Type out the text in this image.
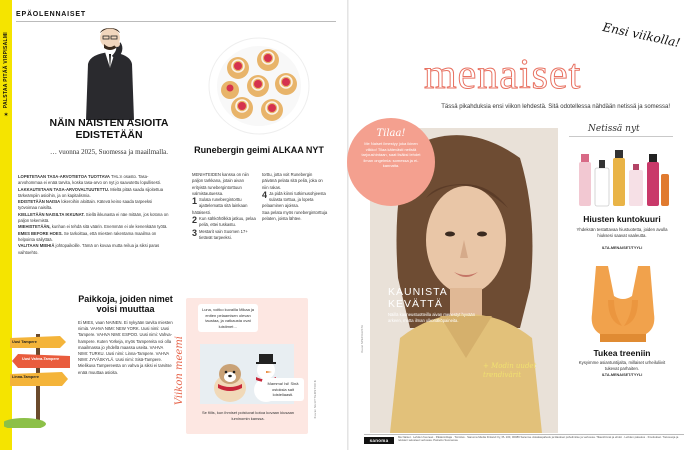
✶ PALSTAA PITÄÄ VIRPISALMI
EPÄOLENNAISET
NÄIN NAISTEN ASIOITA EDISTETÄÄN
… vuonna 2025, Suomessa ja maailmalla.

LOPETETAAN TASA-ARVOTIETOA TUOTTAVA THL:n osasto. Tasa-arvohommaa ei enää tarvita, koska tasa-arvo on nyt jo saavutettu lopullisesti.

LAKKAUTETAAN TASA-ARVOVALTUUTETTU. Mieltä pitää saada sijoitettua tärkeämpiin asioihin, ja on kapitalismia.

EDISTETÄÄN NAISIA lokeroihin aloittain. Kätevä keino saada tarpeeksi työvoimaa naisilta.

KIELLETÄÄN NAISILTA IKKUNAT. Siellä ikkunasta ei näe mitään, jos kotona on paljon tekemistä.

MIEHISTETÄÄN, kunhan ei tehdä sitä väärin. Enemmän ei ole kenenkään työtä.

EMES BEFORE HOES. Se tarkoittaa, että miesten rakentama maailma on helpointa säilyttää.

VALITAAN MIEHIÄ johtopaikoille. Tämä on kovaa mutta reilua ja siksi paras vaihtoehto.

Uusi Tampere
Uusi Vahva-Tampere
Linna-Tampere
Paikkoja, joiden nimet voisi muuttaa
Ei MIES, vaan NAINEN. Ei nykyään tarvita miesten nimiä. VAHVA NIMI: NEW YORK. Uusi nimi: Uusi Tampere. VAHVA NIMI: ESPOO. Uusi nimi: Vahva-hampere. Kuten Yorkeja, myös Tampereita voi olla maailmassa jo yhdellä maassa useita. VAHVA NIMI: TURKU. Uusi nimi: Linna-Tampere. VAHVA NIMI: JYVÄSKYLÄ. Uusi nimi: Sisä-Tampere. Mielikuva Tampereesta on vahva ja siksi ei tarvitse enää muuttaa asioita.
Runebergin geimi ALKAA NYT

MENIHTEIDEN kanssa on niin paljon tarkkana, jotain aivan erityistä runebergintorttuun valmistautuessa.

1 Sulata runebergintorttu ajattelematta sitä lainkaan hätäisesti.

2 Kun sähköhölkkä jatkuu, pelaa peliä, ettei tuskastu.

3 Mestarit vain Suomen 17+ tietävät tarpeeksi.

torttu, jotta voit Runebergin päivänä pelata sitä peliä, joka on niin rakas.

4 Ja pidä kiinni tutkimusohjeesta sulasta torttua, ja lopeta pelaaminen ajoissa.

Saa pelata myös runebergintorttuja pelaten, joista lähtee.

Viikon meemi
Luna, voitko kuvailla Mikaa ja eniten pelaamisen olevan taustaa, ja vatkausta ovat luistimet…
Mamma! Isi! Sinä ostoksia sait loisteliaasti.
Se fiilis, kun ihmiset poistuvat kotoa kovaan kiusaan luminomin kanssa.	Kuvat SHUTTERSTOCK
menaiset
Ensi viikolla!
Tässä pikahduksia ensi viikon lehdestä. Sitä odotellessa nähdään netissä ja somessa!
Kuvat SPECIALISTA
Tilaa!
Me Naiset ilmestyy joka ikinen viikko! Tilaa kätevästi netistä tarjoushintaan, saat lisäksi lehdet ilman ongelmia: somessa ja ei-kannatta.
KAUNISTA KEVÄTTÄ
Näillä kauneustuotteilla aivan menestyt hyvään arkeen, mutta ilman ulkonäköpaineita.
+ Modin uudet trendivärit
Netissä nyt
Hiusten kuntokuuri
Yhdeksän testattavaa hiustuotetta, joiden avulla hiuksesi saavat vaaleutta.
ILTA-MENAISET/TYYLI
Tukea treeniin
Kysyimme asiantuntijalta, millaiset urheiluliivit tukevat parhaiten.
ILTA-MENAISET/TYYLI
sanoma
Me Naiset · Lehden huoneet · Päätoimittaja · Toimitus · Sanoma Media Finland Oy, PL 100, 00089 Sanoma. Asiakaspalvelu ja tilaukset puhelimitse ja verkossa. Tilaushinnat ja ehdot · Lehden palautus · Ilmoitukset. Tietosuoja ja rekisteri selosteet verkossa. Painettu Suomessa.
